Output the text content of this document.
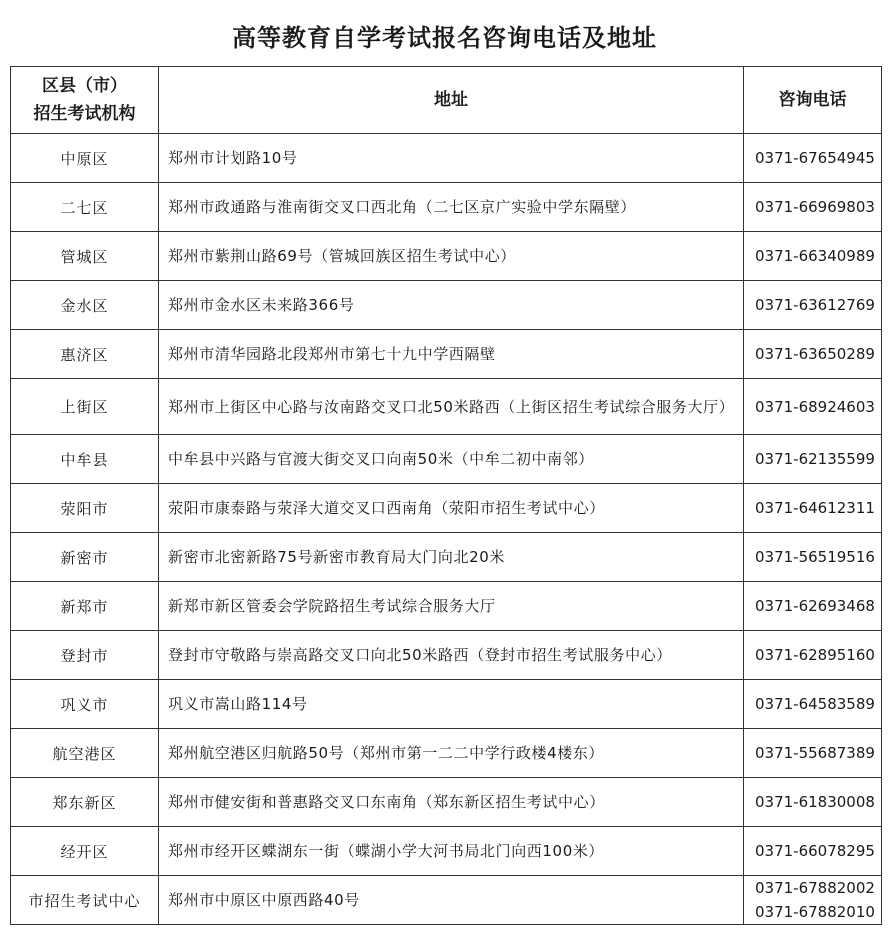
高等教育自学考试报名咨询电话及地址
区县（市）
招生考试机构	地址	咨询电话
中原区	郑州市计划路10号	0371-67654945
二七区	郑州市政通路与淮南街交叉口西北角（二七区京广实验中学东隔壁）	0371-66969803
管城区	郑州市紫荆山路69号（管城回族区招生考试中心）	0371-66340989
金水区	郑州市金水区未来路366号	0371-63612769
惠济区	郑州市清华园路北段郑州市第七十九中学西隔壁	0371-63650289
上街区	郑州市上街区中心路与汝南路交叉口北50米路西（上街区招生考试综合服务大厅）	0371-68924603
中牟县	中牟县中兴路与官渡大街交叉口向南50米（中牟二初中南邻）	0371-62135599
荥阳市	荥阳市康泰路与荥泽大道交叉口西南角（荥阳市招生考试中心）	0371-64612311
新密市	新密市北密新路75号新密市教育局大门向北20米	0371-56519516
新郑市	新郑市新区管委会学院路招生考试综合服务大厅	0371-62693468
登封市	登封市守敬路与崇高路交叉口向北50米路西（登封市招生考试服务中心）	0371-62895160
巩义市	巩义市嵩山路114号	0371-64583589
航空港区	郑州航空港区归航路50号（郑州市第一二二中学行政楼4楼东）	0371-55687389
郑东新区	郑州市健安街和普惠路交叉口东南角（郑东新区招生考试中心）	0371-61830008
经开区	郑州市经开区蝶湖东一街（蝶湖小学大河书局北门向西100米）	0371-66078295
市招生考试中心	郑州市中原区中原西路40号	0371-67882002
0371-67882010
